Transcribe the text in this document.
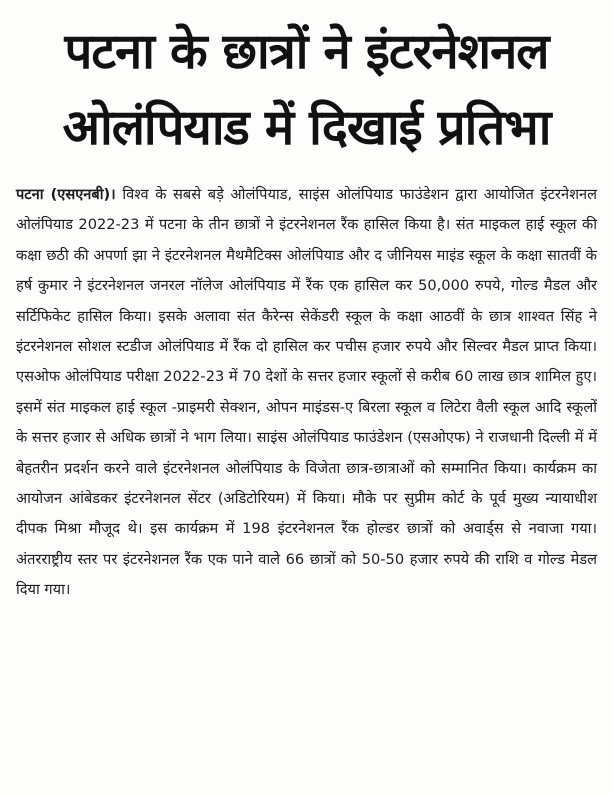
पटना के छात्रों ने इंटरनेशनल
ओलंपियाड में दिखाई प्रतिभा
पटना (एसएनबी)। विश्व के सबसे बड़े ओलंपियाड, साइंस ओलंपियाड फाउंडेशन द्वारा आयोजित इंटरनेशनल ओलंपियाड 2022-23 में पटना के तीन छात्रों ने इंटरनेशनल रैंक हासिल किया है। संत माइकल हाई स्कूल की कक्षा छठी की अपर्णा झा ने इंटरनेशनल मैथमैटिक्स ओलंपियाड और द जीनियस माइंड स्कूल के कक्षा सातवीं के हर्ष कुमार ने इंटरनेशनल जनरल नॉलेज ओलंपियाड में रैंक एक हासिल कर 50,000 रुपये, गोल्ड मैडल और सर्टिफिकेट हासिल किया। इसके अलावा संत कैरेन्स सेकेंडरी स्कूल के कक्षा आठवीं के छात्र शाश्वत सिंह ने इंटरनेशनल सोशल स्टडीज ओलंपियाड में रैंक दो हासिल कर पचीस हजार रुपये और सिल्वर मैडल प्राप्त किया। एसओफ ओलंपियाड परीक्षा 2022-23 में 70 देशों के सत्तर हजार स्कूलों से करीब 60 लाख छात्र शामिल हुए। इसमें संत माइकल हाई स्कूल -प्राइमरी सेक्शन, ओपन माइंडस-ए बिरला स्कूल व लिटेरा वैली स्कूल आदि स्कूलों के सत्तर हजार से अधिक छात्रों ने भाग लिया। साइंस ओलंपियाड फाउंडेशन (एसओएफ) ने राजधानी दिल्ली में में बेहतरीन प्रदर्शन करने वाले इंटरनेशनल ओलंपियाड के विजेता छात्र-छात्राओं को सम्मानित किया। कार्यक्रम का आयोजन आंबेडकर इंटरनेशनल सेंटर (अडिटोरियम) में किया। मौके पर सुप्रीम कोर्ट के पूर्व मुख्य न्यायाधीश दीपक मिश्रा मौजूद थे। इस कार्यक्रम में 198 इंटरनेशनल रैंक होल्डर छात्रों को अवार्ड्स से नवाजा गया। अंतरराष्ट्रीय स्तर पर इंटरनेशनल रैंक एक पाने वाले 66 छात्रों को 50-50 हजार रुपये की राशि व गोल्ड मेडल दिया गया।
